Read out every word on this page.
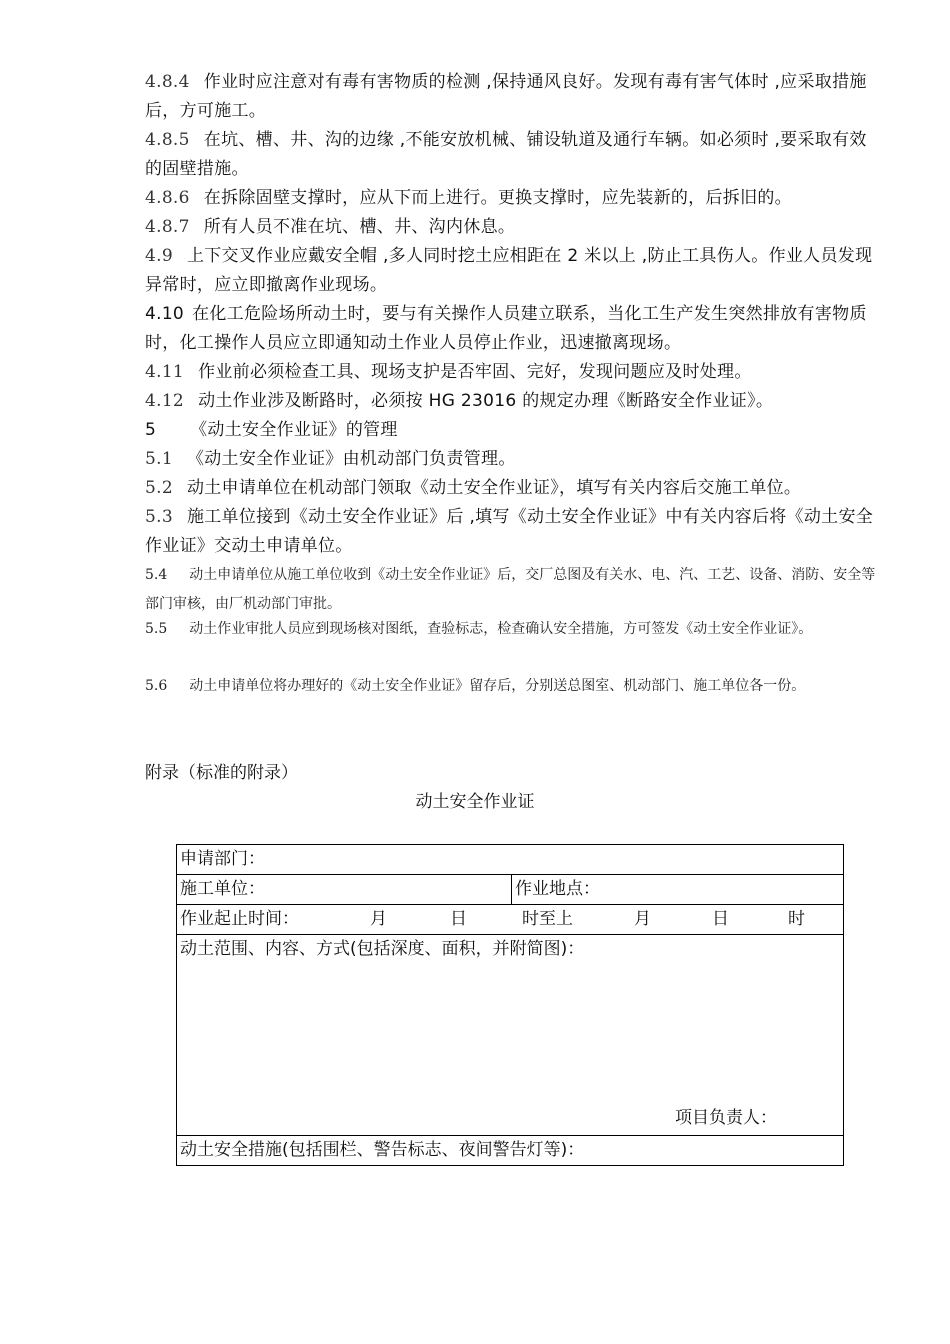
4.8.4 作业时应注意对有毒有害物质的检测 ,保持通风良好。发现有毒有害气体时 ,应采取措施后，方可施工。
4.8.5 在坑、槽、井、沟的边缘 ,不能安放机械、铺设轨道及通行车辆。如必须时 ,要采取有效的固壁措施。
4.8.6 在拆除固壁支撑时，应从下而上进行。更换支撑时，应先装新的，后拆旧的。
4.8.7 所有人员不准在坑、槽、井、沟内休息。
4.9 上下交叉作业应戴安全帽 ,多人同时挖土应相距在 2 米以上 ,防止工具伤人。作业人员发现异常时，应立即撤离作业现场。
4.10 在化工危险场所动土时，要与有关操作人员建立联系，当化工生产发生突然排放有害物质时，化工操作人员应立即通知动土作业人员停止作业，迅速撤离现场。
4.11 作业前必须检查工具、现场支护是否牢固、完好，发现问题应及时处理。
4.12 动土作业涉及断路时，必须按 HG 23016 的规定办理《断路安全作业证》。
5 《动土安全作业证》的管理
5.1 《动土安全作业证》由机动部门负责管理。
5.2 动土申请单位在机动部门领取《动土安全作业证》，填写有关内容后交施工单位。
5.3 施工单位接到《动土安全作业证》后 ,填写《动土安全作业证》中有关内容后将《动土安全作业证》交动土申请单位。
5.4 动土申请单位从施工单位收到《动土安全作业证》后，交厂总图及有关水、电、汽、工艺、设备、消防、安全等部门审核，由厂机动部门审批。
5.5 动土作业审批人员应到现场核对图纸，查验标志，检查确认安全措施，方可签发《动土安全作业证》。
5.6 动土申请单位将办理好的《动土安全作业证》留存后，分别送总图室、机动部门、施工单位各一份。
附录（标准的附录）
动土安全作业证
申请部门：
施工单位：	作业地点：
作业起止时间：	月	日	时至上	月	日	时
动土范围、内容、方式(包括深度、面积，并附简图)：
项目负责人：

动土安全措施(包括围栏、警告标志、夜间警告灯等)：
